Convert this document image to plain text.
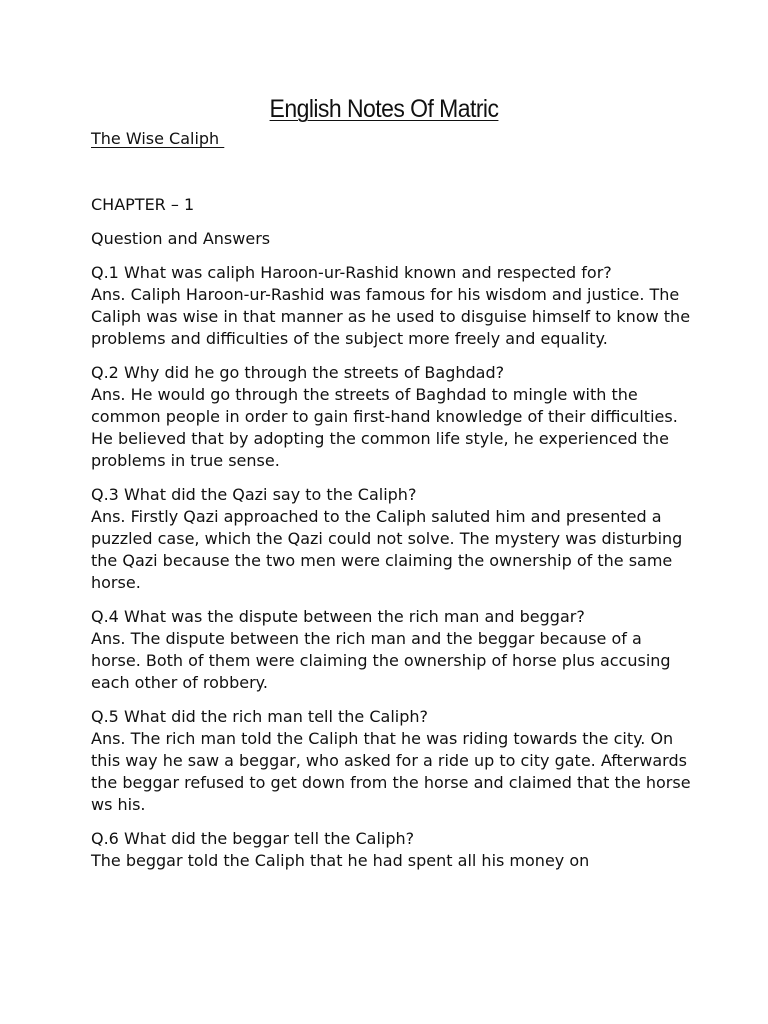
English Notes Of Matric
The Wise Caliph
CHAPTER – 1
Question and Answers

Q.1 What was caliph Haroon-ur-Rashid known and respected for?

Ans. Caliph Haroon-ur-Rashid was famous for his wisdom and justice. The Caliph was wise in that manner as he used to disguise himself to know the problems and difficulties of the subject more freely and equality.

Q.2 Why did he go through the streets of Baghdad?

Ans. He would go through the streets of Baghdad to mingle with the common people in order to gain first-hand knowledge of their difficulties. He believed that by adopting the common life style, he experienced the problems in true sense.

Q.3 What did the Qazi say to the Caliph?

Ans. Firstly Qazi approached to the Caliph saluted him and presented a puzzled case, which the Qazi could not solve. The mystery was disturbing the Qazi because the two men were claiming the ownership of the same horse.

Q.4 What was the dispute between the rich man and beggar?

Ans. The dispute between the rich man and the beggar because of a horse. Both of them were claiming the ownership of horse plus accusing each other of robbery.

Q.5 What did the rich man tell the Caliph?

Ans. The rich man told the Caliph that he was riding towards the city. On this way he saw a beggar, who asked for a ride up to city gate. Afterwards the beggar refused to get down from the horse and claimed that the horse ws his.

Q.6 What did the beggar tell the Caliph?

The beggar told the Caliph that he had spent all his money on
